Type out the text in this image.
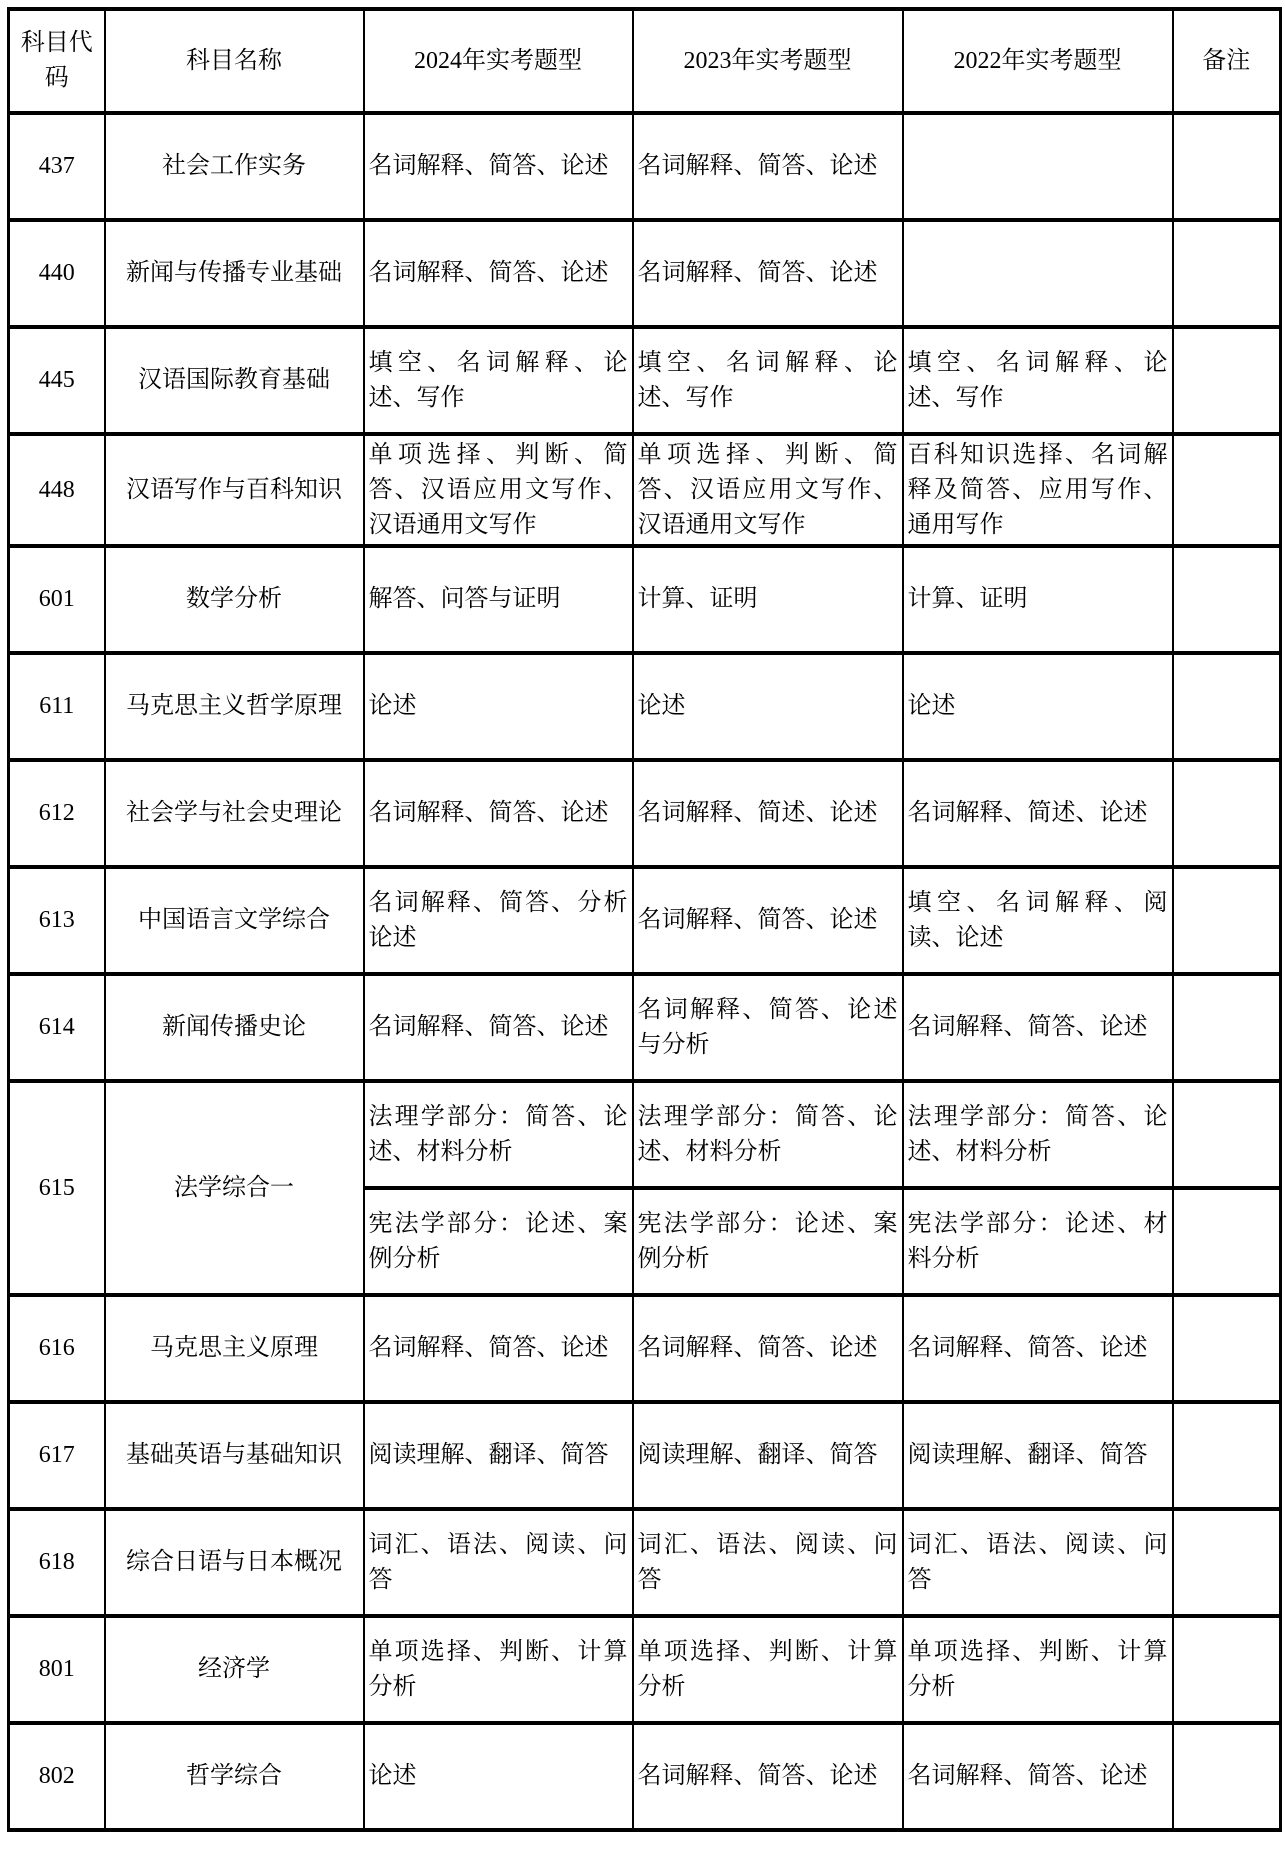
科目代码	科目名称	2024年实考题型	2023年实考题型	2022年实考题型	备注
437	社会工作实务	名词解释、简答、论述	名词解释、简答、论述		
440	新闻与传播专业基础	名词解释、简答、论述	名词解释、简答、论述		
445	汉语国际教育基础	填空、名词解释、论述、写作	填空、名词解释、论述、写作	填空、名词解释、论述、写作	
448	汉语写作与百科知识	单项选择、判断、简答、汉语应用文写作、汉语通用文写作	单项选择、判断、简答、汉语应用文写作、汉语通用文写作	百科知识选择、名词解释及简答、应用写作、通用写作	
601	数学分析	解答、问答与证明	计算、证明	计算、证明	
611	马克思主义哲学原理	论述	论述	论述	
612	社会学与社会史理论	名词解释、简答、论述	名词解释、简述、论述	名词解释、简述、论述	
613	中国语言文学综合	名词解释、简答、分析论述	名词解释、简答、论述	填空、名词解释、阅读、论述	
614	新闻传播史论	名词解释、简答、论述	名词解释、简答、论述与分析	名词解释、简答、论述	
615	法学综合一	法理学部分：简答、论述、材料分析	法理学部分：简答、论述、材料分析	法理学部分：简答、论述、材料分析	
		宪法学部分：论述、案例分析	宪法学部分：论述、案例分析	宪法学部分：论述、材料分析	
616	马克思主义原理	名词解释、简答、论述	名词解释、简答、论述	名词解释、简答、论述	
617	基础英语与基础知识	阅读理解、翻译、简答	阅读理解、翻译、简答	阅读理解、翻译、简答	
618	综合日语与日本概况	词汇、语法、阅读、问答	词汇、语法、阅读、问答	词汇、语法、阅读、问答	
801	经济学	单项选择、判断、计算分析	单项选择、判断、计算分析	单项选择、判断、计算分析	
802	哲学综合	论述	名词解释、简答、论述	名词解释、简答、论述	
